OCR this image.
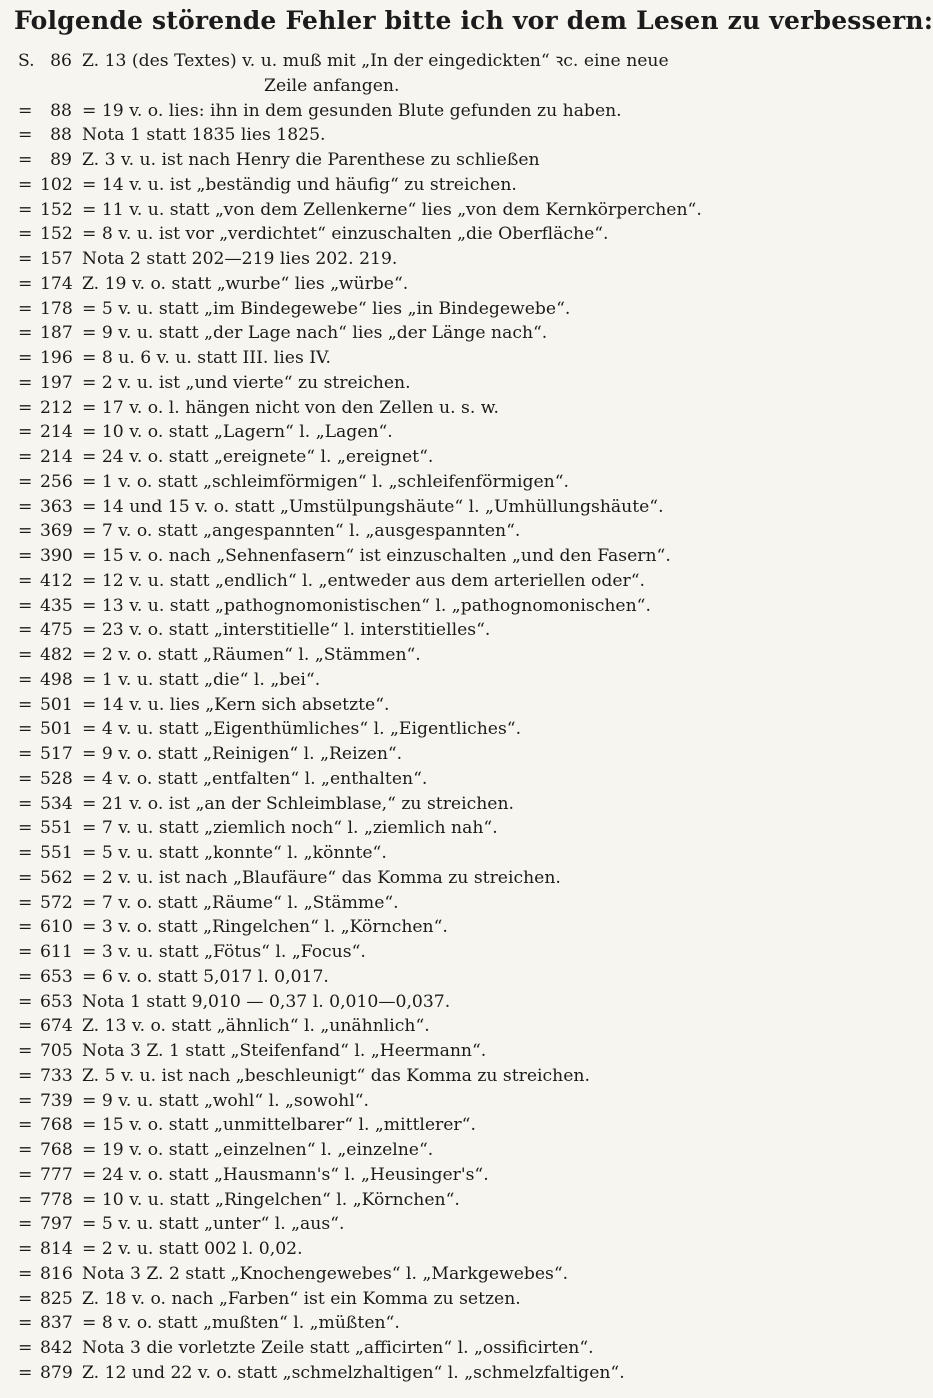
Folgende störende Fehler bitte ich vor dem Lesen zu verbessern:
S. 86 Z. 13 (des Textes) v. u. muß mit „In der eingedickten“ ꝛc. eine neue
Zeile anfangen.
=	88 = 19 v. o. lies: ihn in dem gesunden Blute gefunden zu haben.
=	88 Nota 1 statt 1835 lies 1825.
=	89 Z. 3 v. u. ist nach Henry die Parenthese zu schließen
= 102 = 14 v. u. ist „beständig und häufig“ zu streichen.
= 152 = 11 v. u. statt „von dem Zellenkerne“ lies „von dem Kernkörperchen“.
= 152 = 8 v. u. ist vor „verdichtet“ einzuschalten „die Oberfläche“.
= 157 Nota 2 statt 202—219 lies 202. 219.
= 174 Z. 19 v. o. statt „wurbe“ lies „würbe“.
= 178 = 5 v. u. statt „im Bindegewebe“ lies „in Bindegewebe“.
= 187 = 9 v. u. statt „der Lage nach“ lies „der Länge nach“.
= 196 = 8 u. 6 v. u. statt III. lies IV.
= 197 = 2 v. u. ist „und vierte“ zu streichen.
= 212 = 17 v. o. l. hängen nicht von den Zellen u. s. w.
= 214 = 10 v. o. statt „Lagern“ l. „Lagen“.
= 214 = 24 v. o. statt „ereignete“ l. „ereignet“.
= 256 = 1 v. o. statt „schleimförmigen“ l. „schleifenförmigen“.
= 363 = 14 und 15 v. o. statt „Umstülpungshäute“ l. „Umhüllungshäute“.
= 369 = 7 v. o. statt „angespannten“ l. „ausgespannten“.
= 390 = 15 v. o. nach „Sehnenfasern“ ist einzuschalten „und den Fasern“.
= 412 = 12 v. u. statt „endlich“ l. „entweder aus dem arteriellen oder“.
= 435 = 13 v. u. statt „pathognomonistischen“ l. „pathognomonischen“.
= 475 = 23 v. o. statt „interstitielle“ l. interstitielles“.
= 482 = 2 v. o. statt „Räumen“ l. „Stämmen“.
= 498 = 1 v. u. statt „die“ l. „bei“.
= 501 = 14 v. u. lies „Kern sich absetzte“.
= 501 = 4 v. u. statt „Eigenthümliches“ l. „Eigentliches“.
= 517 = 9 v. o. statt „Reinigen“ l. „Reizen“.
= 528 = 4 v. o. statt „entfalten“ l. „enthalten“.
= 534 = 21 v. o. ist „an der Schleimblase,“ zu streichen.
= 551 = 7 v. u. statt „ziemlich noch“ l. „ziemlich nah“.
= 551 = 5 v. u. statt „konnte“ l. „könnte“.
= 562 = 2 v. u. ist nach „Blaufäure“ das Komma zu streichen.
= 572 = 7 v. o. statt „Räume“ l. „Stämme“.
= 610 = 3 v. o. statt „Ringelchen“ l. „Körnchen“.
= 611 = 3 v. u. statt „Fötus“ l. „Focus“.
= 653 = 6 v. o. statt 5,017 l. 0,017.
= 653 Nota 1 statt 9,010 — 0,37 l. 0,010—0,037.
= 674 Z. 13 v. o. statt „ähnlich“ l. „unähnlich“.
= 705 Nota 3 Z. 1 statt „Steifenfand“ l. „Heermann“.
= 733 Z. 5 v. u. ist nach „beschleunigt“ das Komma zu streichen.
= 739 = 9 v. u. statt „wohl“ l. „sowohl“.
= 768 = 15 v. o. statt „unmittelbarer“ l. „mittlerer“.
= 768 = 19 v. o. statt „einzelnen“ l. „einzelne“.
= 777 = 24 v. o. statt „Hausmann's“ l. „Heusinger's“.
= 778 = 10 v. u. statt „Ringelchen“ l. „Körnchen“.
= 797 = 5 v. u. statt „unter“ l. „aus“.
= 814 = 2 v. u. statt 002 l. 0,02.
= 816 Nota 3 Z. 2 statt „Knochengewebes“ l. „Markgewebes“.
= 825 Z. 18 v. o. nach „Farben“ ist ein Komma zu setzen.
= 837 = 8 v. o. statt „mußten“ l. „müßten“.
= 842 Nota 3 die vorletzte Zeile statt „afficirten“ l. „ossificirten“.
= 879 Z. 12 und 22 v. o. statt „schmelzhaltigen“ l. „schmelzfaltigen“.
